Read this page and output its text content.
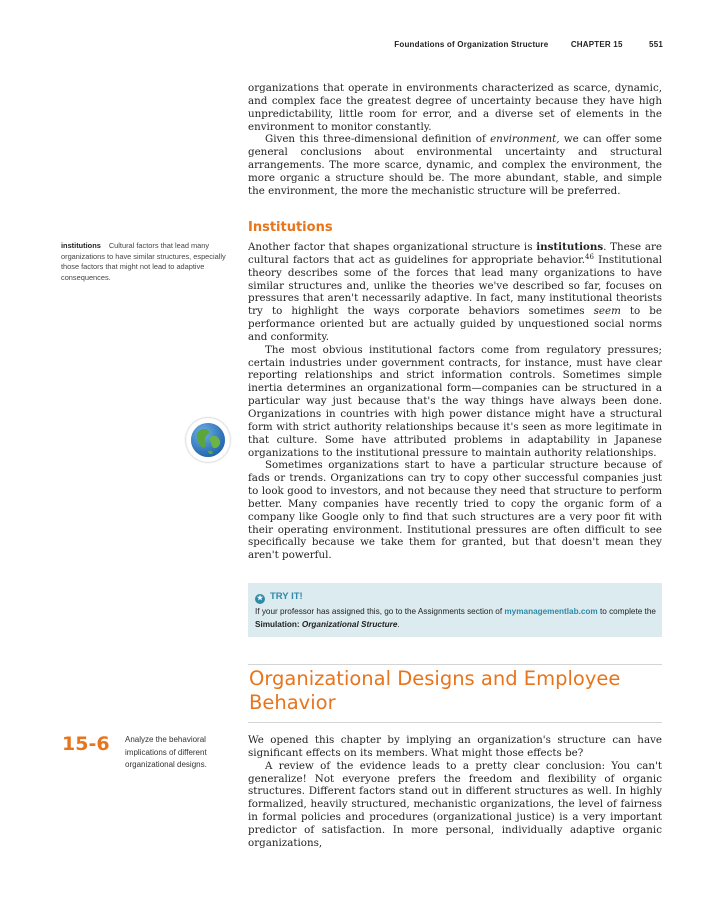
Foundations of Organization Structure	CHAPTER 15	551

organizations that operate in environments characterized as scarce, dynamic, and complex face the greatest degree of uncertainty because they have high unpredictability, little room for error, and a diverse set of elements in the environment to monitor constantly.

Given this three-dimensional definition of environment, we can offer some general conclusions about environmental uncertainty and structural arrangements. The more scarce, dynamic, and complex the environment, the more organic a structure should be. The more abundant, stable, and simple the environment, the more the mechanistic structure will be preferred.

Institutions
institutions Cultural factors that lead many organizations to have similar structures, especially those factors that might not lead to adaptive consequences.

Another factor that shapes organizational structure is institutions. These are cultural factors that act as guidelines for appropriate behavior.$^{46}$ Institutional theory describes some of the forces that lead many organizations to have similar structures and, unlike the theories we've described so far, focuses on pressures that aren't necessarily adaptive. In fact, many institutional theorists try to highlight the ways corporate behaviors sometimes seem to be performance oriented but are actually guided by unquestioned social norms and conformity.

The most obvious institutional factors come from regulatory pressures; certain industries under government contracts, for instance, must have clear reporting relationships and strict information controls. Sometimes simple inertia determines an organizational form—companies can be structured in a particular way just because that's the way things have always been done. Organizations in countries with high power distance might have a structural form with strict authority relationships because it's seen as more legitimate in that culture. Some have attributed problems in adaptability in Japanese organizations to the institutional pressure to maintain authority relationships.

Sometimes organizations start to have a particular structure because of fads or trends. Organizations can try to copy other successful companies just to look good to investors, and not because they need that structure to perform better. Many companies have recently tried to copy the organic form of a company like Google only to find that such structures are a very poor fit with their operating environment. Institutional pressures are often difficult to see specifically because we take them for granted, but that doesn't mean they aren't powerful.

★ TRY IT!
If your professor has assigned this, go to the Assignments section of mymanagementlab.com to complete the Simulation: Organizational Structure.
Organizational Designs and Employee Behavior
15-6 Analyze the behavioral implications of different organizational designs.

We opened this chapter by implying an organization's structure can have significant effects on its members. What might those effects be?

A review of the evidence leads to a pretty clear conclusion: You can't generalize! Not everyone prefers the freedom and flexibility of organic structures. Different factors stand out in different structures as well. In highly formalized, heavily structured, mechanistic organizations, the level of fairness in formal policies and procedures (organizational justice) is a very important predictor of satisfaction. In more personal, individually adaptive organic organizations,
